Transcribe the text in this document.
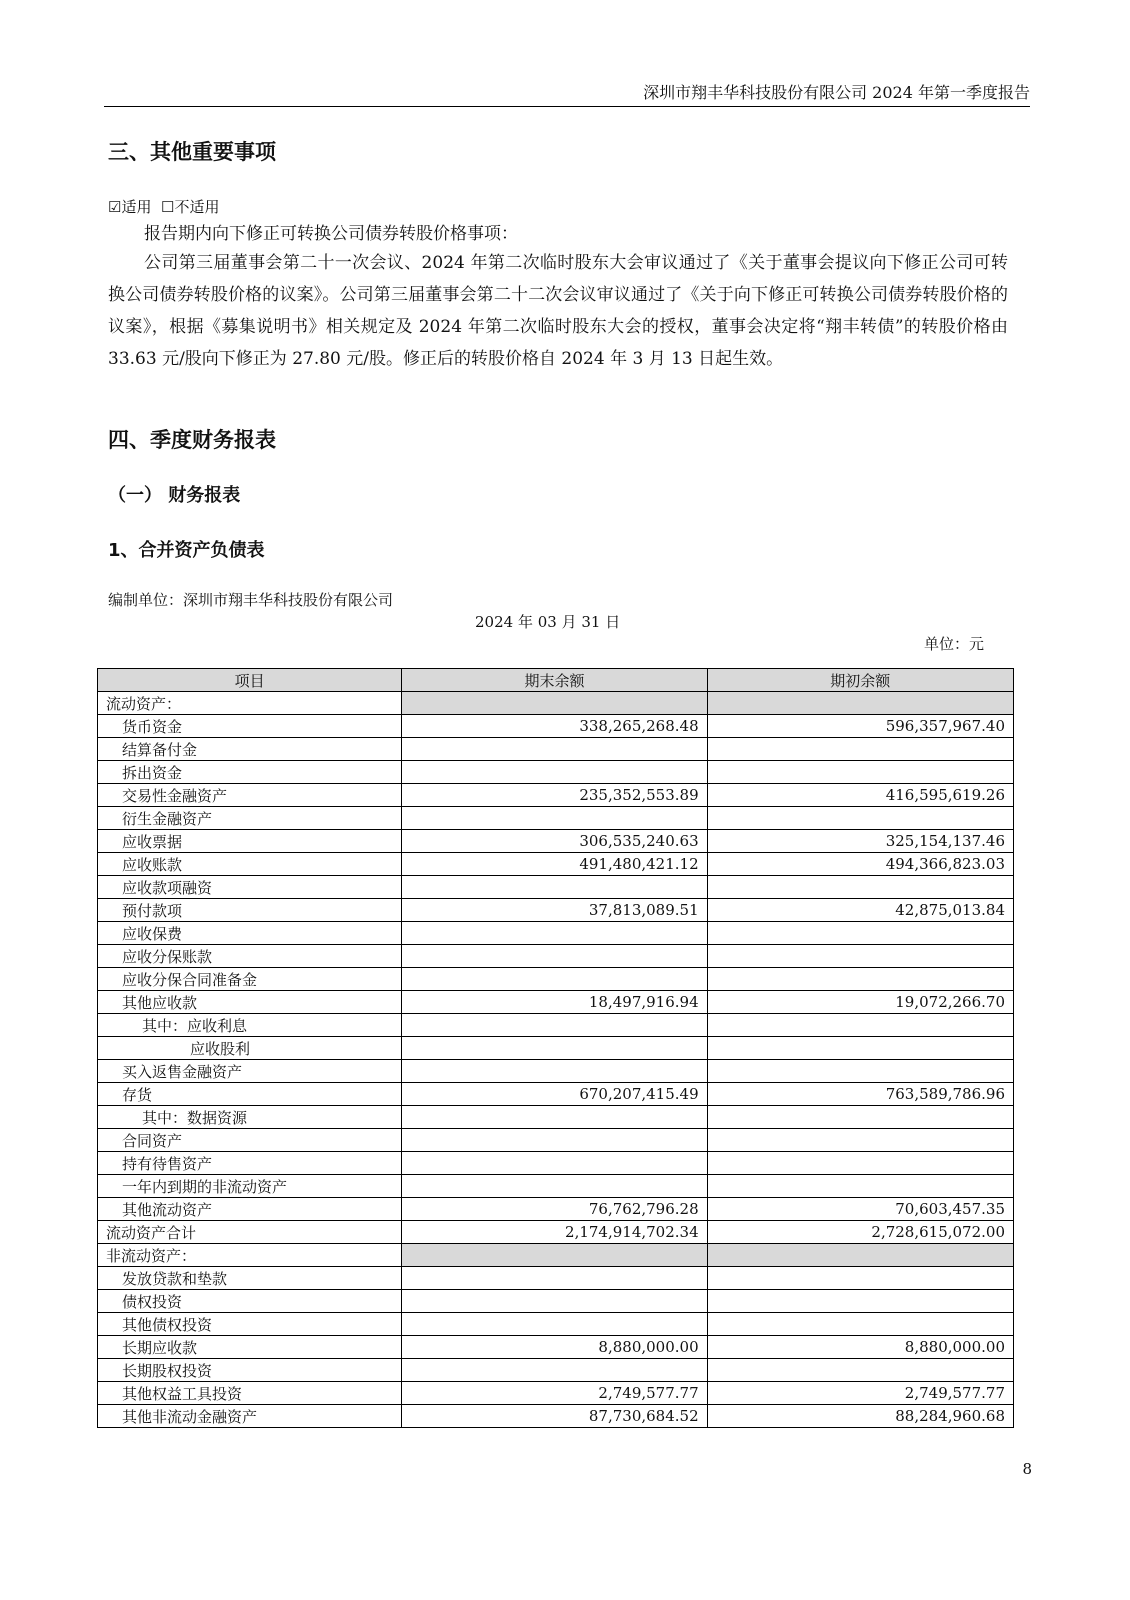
深圳市翔丰华科技股份有限公司 2024 年第一季度报告
三、其他重要事项
☑适用 ☐不适用
报告期内向下修正可转换公司债券转股价格事项：
公司第三届董事会第二十一次会议、2024 年第二次临时股东大会审议通过了《关于董事会提议向下修正公司可转换公司债券转股价格的议案》。公司第三届董事会第二十二次会议审议通过了《关于向下修正可转换公司债券转股价格的议案》，根据《募集说明书》相关规定及 2024 年第二次临时股东大会的授权，董事会决定将“翔丰转债”的转股价格由 33.63 元/股向下修正为 27.80 元/股。修正后的转股价格自 2024 年 3 月 13 日起生效。
四、季度财务报表
（一） 财务报表
1、合并资产负债表
编制单位：深圳市翔丰华科技股份有限公司
2024 年 03 月 31 日
单位：元
项目	期末余额	期初余额
流动资产：		
货币资金	338,265,268.48	596,357,967.40
结算备付金		
拆出资金		
交易性金融资产	235,352,553.89	416,595,619.26
衍生金融资产		
应收票据	306,535,240.63	325,154,137.46
应收账款	491,480,421.12	494,366,823.03
应收款项融资		
预付款项	37,813,089.51	42,875,013.84
应收保费		
应收分保账款		
应收分保合同准备金		
其他应收款	18,497,916.94	19,072,266.70
其中：应收利息		
应收股利		
买入返售金融资产		
存货	670,207,415.49	763,589,786.96
其中：数据资源		
合同资产		
持有待售资产		
一年内到期的非流动资产		
其他流动资产	76,762,796.28	70,603,457.35
流动资产合计	2,174,914,702.34	2,728,615,072.00
非流动资产：		
发放贷款和垫款		
债权投资		
其他债权投资		
长期应收款	8,880,000.00	8,880,000.00
长期股权投资		
其他权益工具投资	2,749,577.77	2,749,577.77
其他非流动金融资产	87,730,684.52	88,284,960.68
8
